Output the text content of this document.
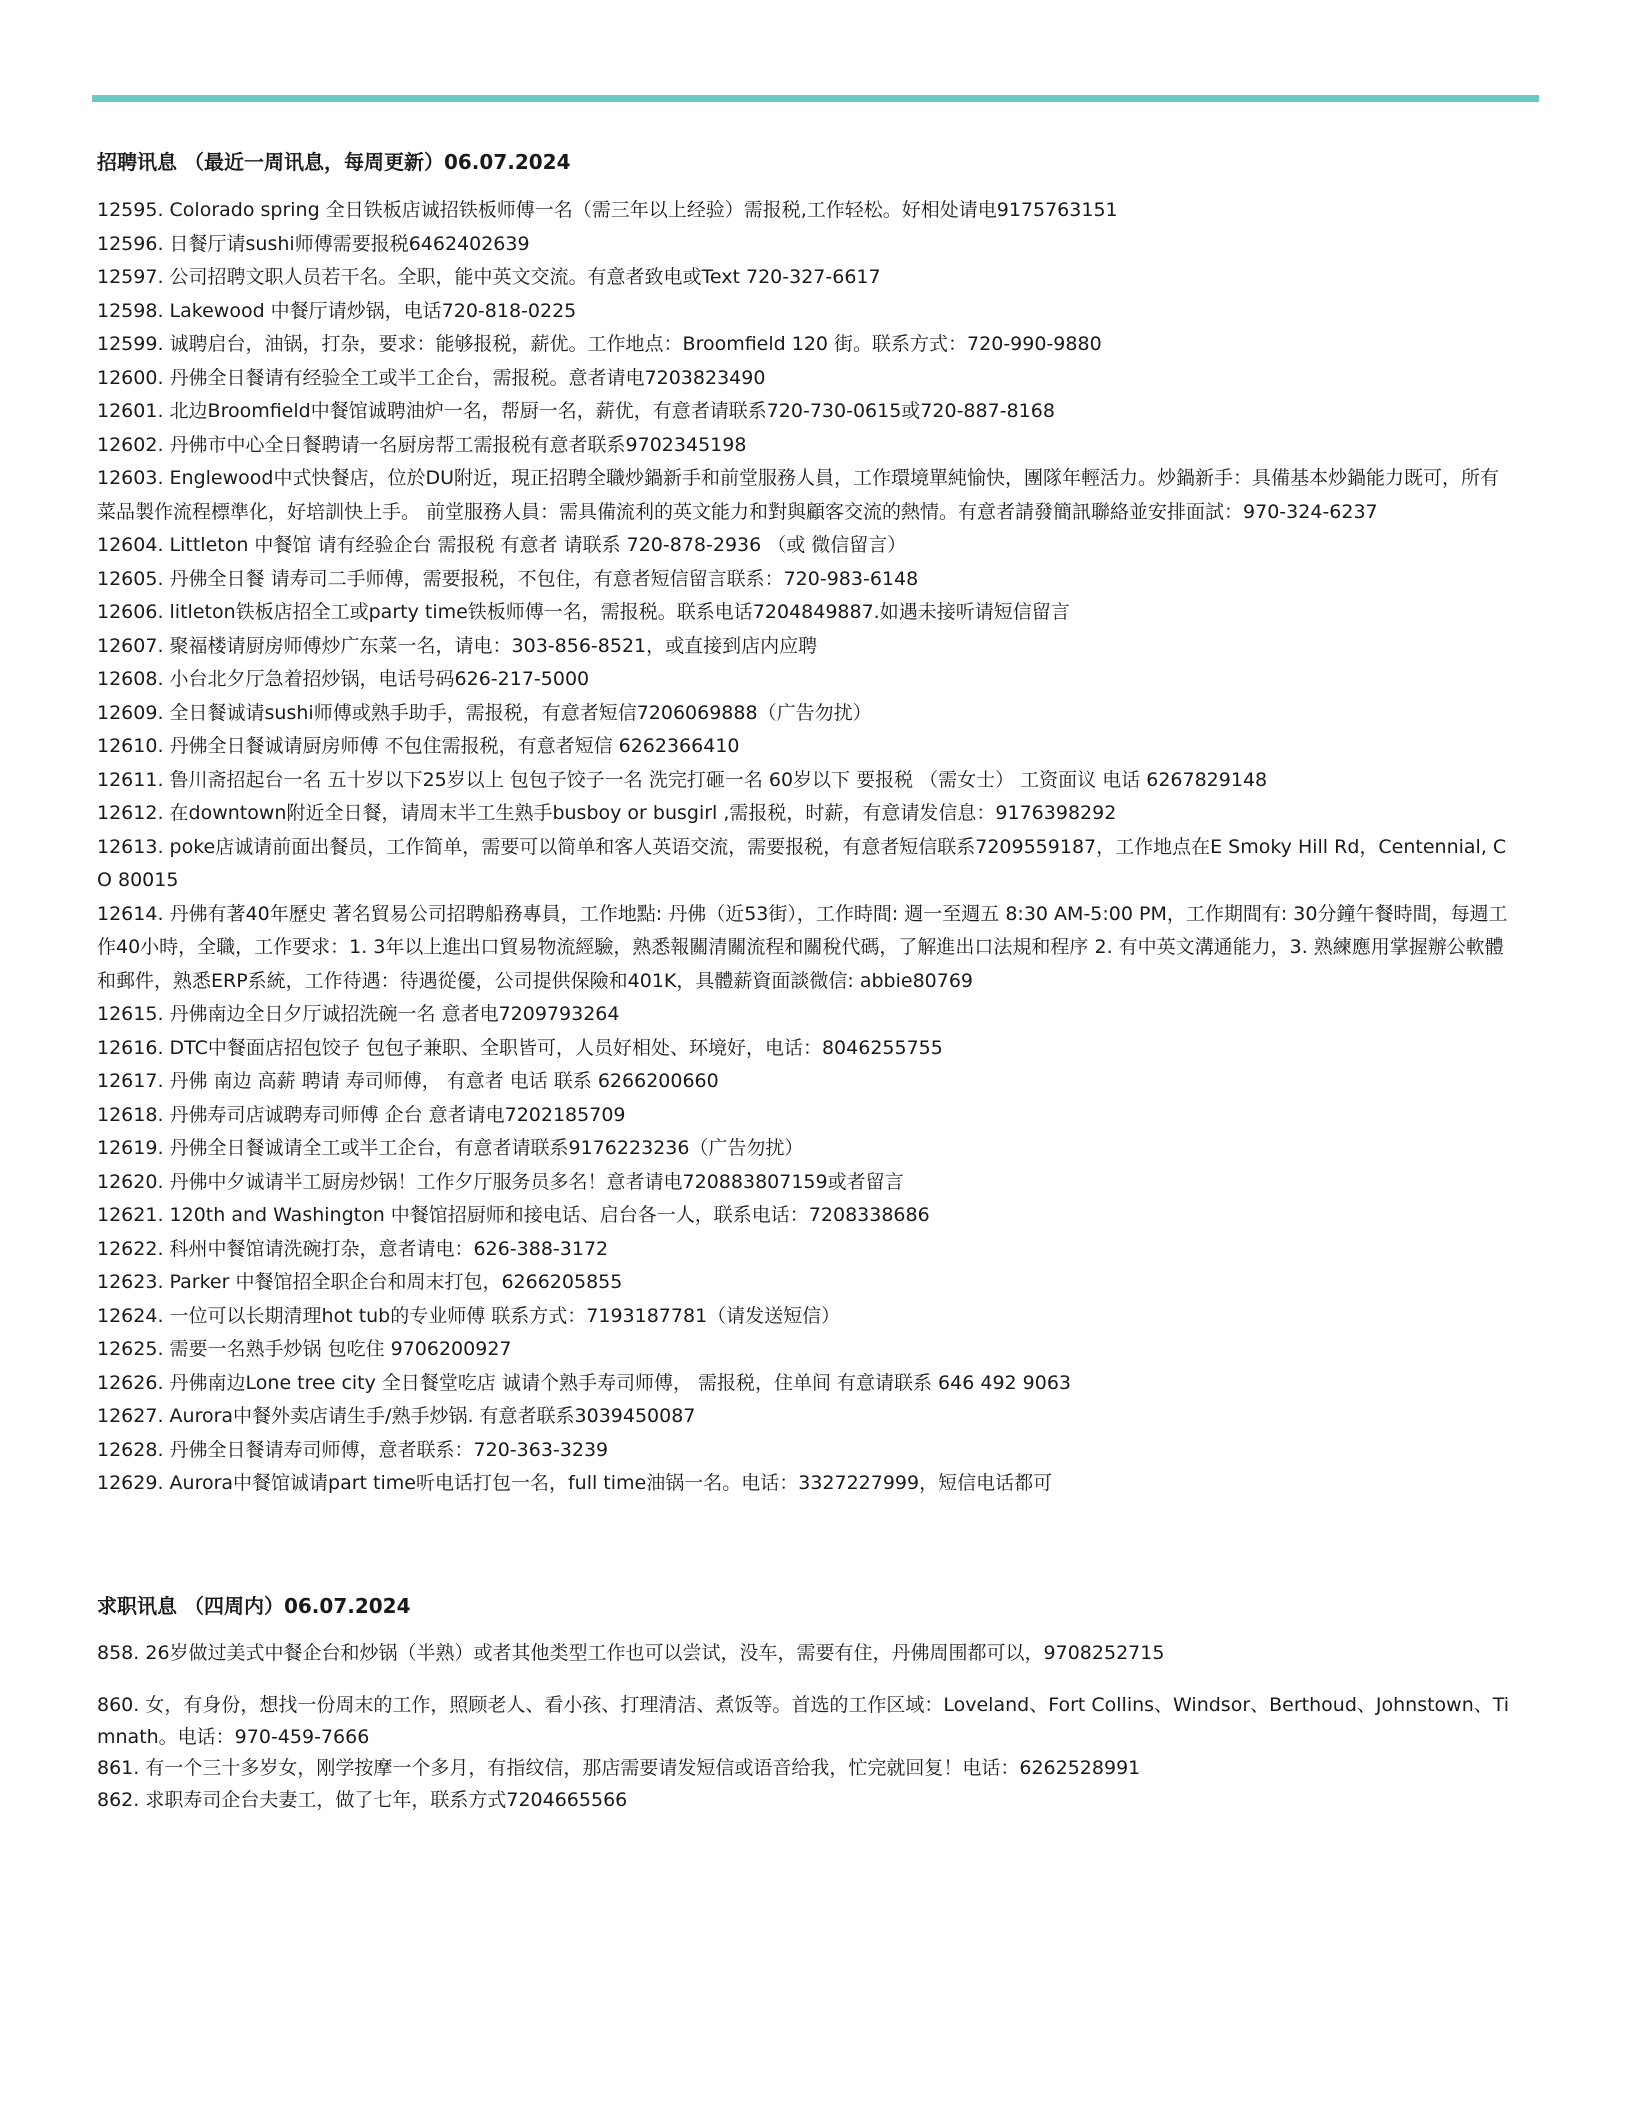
招聘讯息 （最近一周讯息，每周更新）06.07.2024
12595. Colorado spring 全日铁板店诚招铁板师傅一名（需三年以上经验）需报税,工作轻松。好相处请电9175763151
12596. 日餐厅请sushi师傅需要报税6462402639
12597. 公司招聘文职人员若干名。全职，能中英文交流。有意者致电或Text 720-327-6617
12598. Lakewood 中餐厅请炒锅，电话720-818-0225
12599. 诚聘启台，油锅，打杂，要求：能够报税，薪优。工作地点：Broomfield 120 街。联系方式：720-990-9880
12600. 丹佛全日餐请有经验全工或半工企台，需报税。意者请电7203823490
12601. 北边Broomfield中餐馆诚聘油炉一名，帮厨一名，薪优，有意者请联系720-730-0615或720-887-8168
12602. 丹佛市中心全日餐聘请一名厨房帮工需报税有意者联系9702345198
12603. Englewood中式快餐店，位於DU附近，現正招聘全職炒鍋新手和前堂服務人員，工作環境單純愉快，團隊年輕活力。炒鍋新手：具備基本炒鍋能力既可，所有菜品製作流程標準化，好培訓快上手。 前堂服務人員：需具備流利的英文能力和對與顧客交流的熱情。有意者請發簡訊聯絡並安排面試：970-324-6237
12604. Littleton 中餐馆 请有经验企台 需报税 有意者 请联系 720-878-2936 （或 微信留言）
12605. 丹佛全日餐 请寿司二手师傅，需要报税，不包住，有意者短信留言联系：720-983-6148
12606. litleton铁板店招全工或party time铁板师傅一名，需报税。联系电话7204849887.如遇未接听请短信留言
12607. 聚福楼请厨房师傅炒广东菜一名，请电：303-856-8521，或直接到店内应聘
12608. 小台北夕厅急着招炒锅，电话号码626-217-5000
12609. 全日餐诚请sushi师傅或熟手助手，需报税，有意者短信7206069888（广告勿扰）
12610. 丹佛全日餐诚请厨房师傅 不包住需报税，有意者短信 6262366410
12611. 鲁川斋招起台一名 五十岁以下25岁以上 包包子饺子一名 洗完打砸一名 60岁以下 要报税 （需女士） 工资面议 电话 6267829148
12612. 在downtown附近全日餐，请周末半工生熟手busboy or busgirl ,需报税，时薪，有意请发信息：9176398292
12613. poke店诚请前面出餐员，工作简单，需要可以简单和客人英语交流，需要报税，有意者短信联系7209559187，工作地点在E Smoky Hill Rd，Centennial, CO 80015
12614. 丹佛有著40年歷史 著名貿易公司招聘船務專員，工作地點: 丹佛（近53街），工作時間: 週一至週五 8:30 AM-5:00 PM，工作期間有: 30分鐘午餐時間，每週工作40小時，全職，工作要求：1. 3年以上進出口貿易物流經驗，熟悉報關清關流程和關稅代碼，了解進出口法規和程序 2. 有中英文溝通能力，3. 熟練應用掌握辦公軟體和郵件，熟悉ERP系統，工作待遇：待遇從優，公司提供保險和401K，具體薪資面談微信: abbie80769
12615. 丹佛南边全日夕厅诚招洗碗一名 意者电7209793264
12616. DTC中餐面店招包饺子 包包子兼职、全职皆可，人员好相处、环境好，电话：8046255755
12617. 丹佛 南边 高薪 聘请 寿司师傅， 有意者 电话 联系 6266200660
12618. 丹佛寿司店诚聘寿司师傅 企台 意者请电7202185709
12619. 丹佛全日餐诚请全工或半工企台，有意者请联系9176223236（广告勿扰）
12620. 丹佛中夕诚请半工厨房炒锅！工作夕厅服务员多名！意者请电720883807159或者留言
12621. 120th and Washington 中餐馆招厨师和接电话、启台各一人，联系电话：7208338686
12622. 科州中餐馆请洗碗打杂，意者请电：626-388-3172
12623. Parker 中餐馆招全职企台和周末打包，6266205855
12624. 一位可以长期清理hot tub的专业师傅 联系方式：7193187781（请发送短信）
12625. 需要一名熟手炒锅 包吃住 9706200927
12626. 丹佛南边Lone tree city 全日餐堂吃店 诚请个熟手寿司师傅， 需报税，住单间 有意请联系 646 492 9063
12627. Aurora中餐外卖店请生手/熟手炒锅. 有意者联系3039450087
12628. 丹佛全日餐请寿司师傅，意者联系：720-363-3239
12629. Aurora中餐馆诚请part time听电话打包一名，full time油锅一名。电话：3327227999，短信电话都可
求职讯息 （四周内）06.07.2024
858. 26岁做过美式中餐企台和炒锅（半熟）或者其他类型工作也可以尝试，没车，需要有住，丹佛周围都可以，9708252715
860. 女，有身份，想找一份周末的工作，照顾老人、看小孩、打理清洁、煮饭等。首选的工作区域：Loveland、Fort Collins、Windsor、Berthoud、Johnstown、Timnath。电话：970-459-7666
861. 有一个三十多岁女，刚学按摩一个多月，有指纹信，那店需要请发短信或语音给我，忙完就回复！电话：6262528991
862. 求职寿司企台夫妻工，做了七年，联系方式7204665566
